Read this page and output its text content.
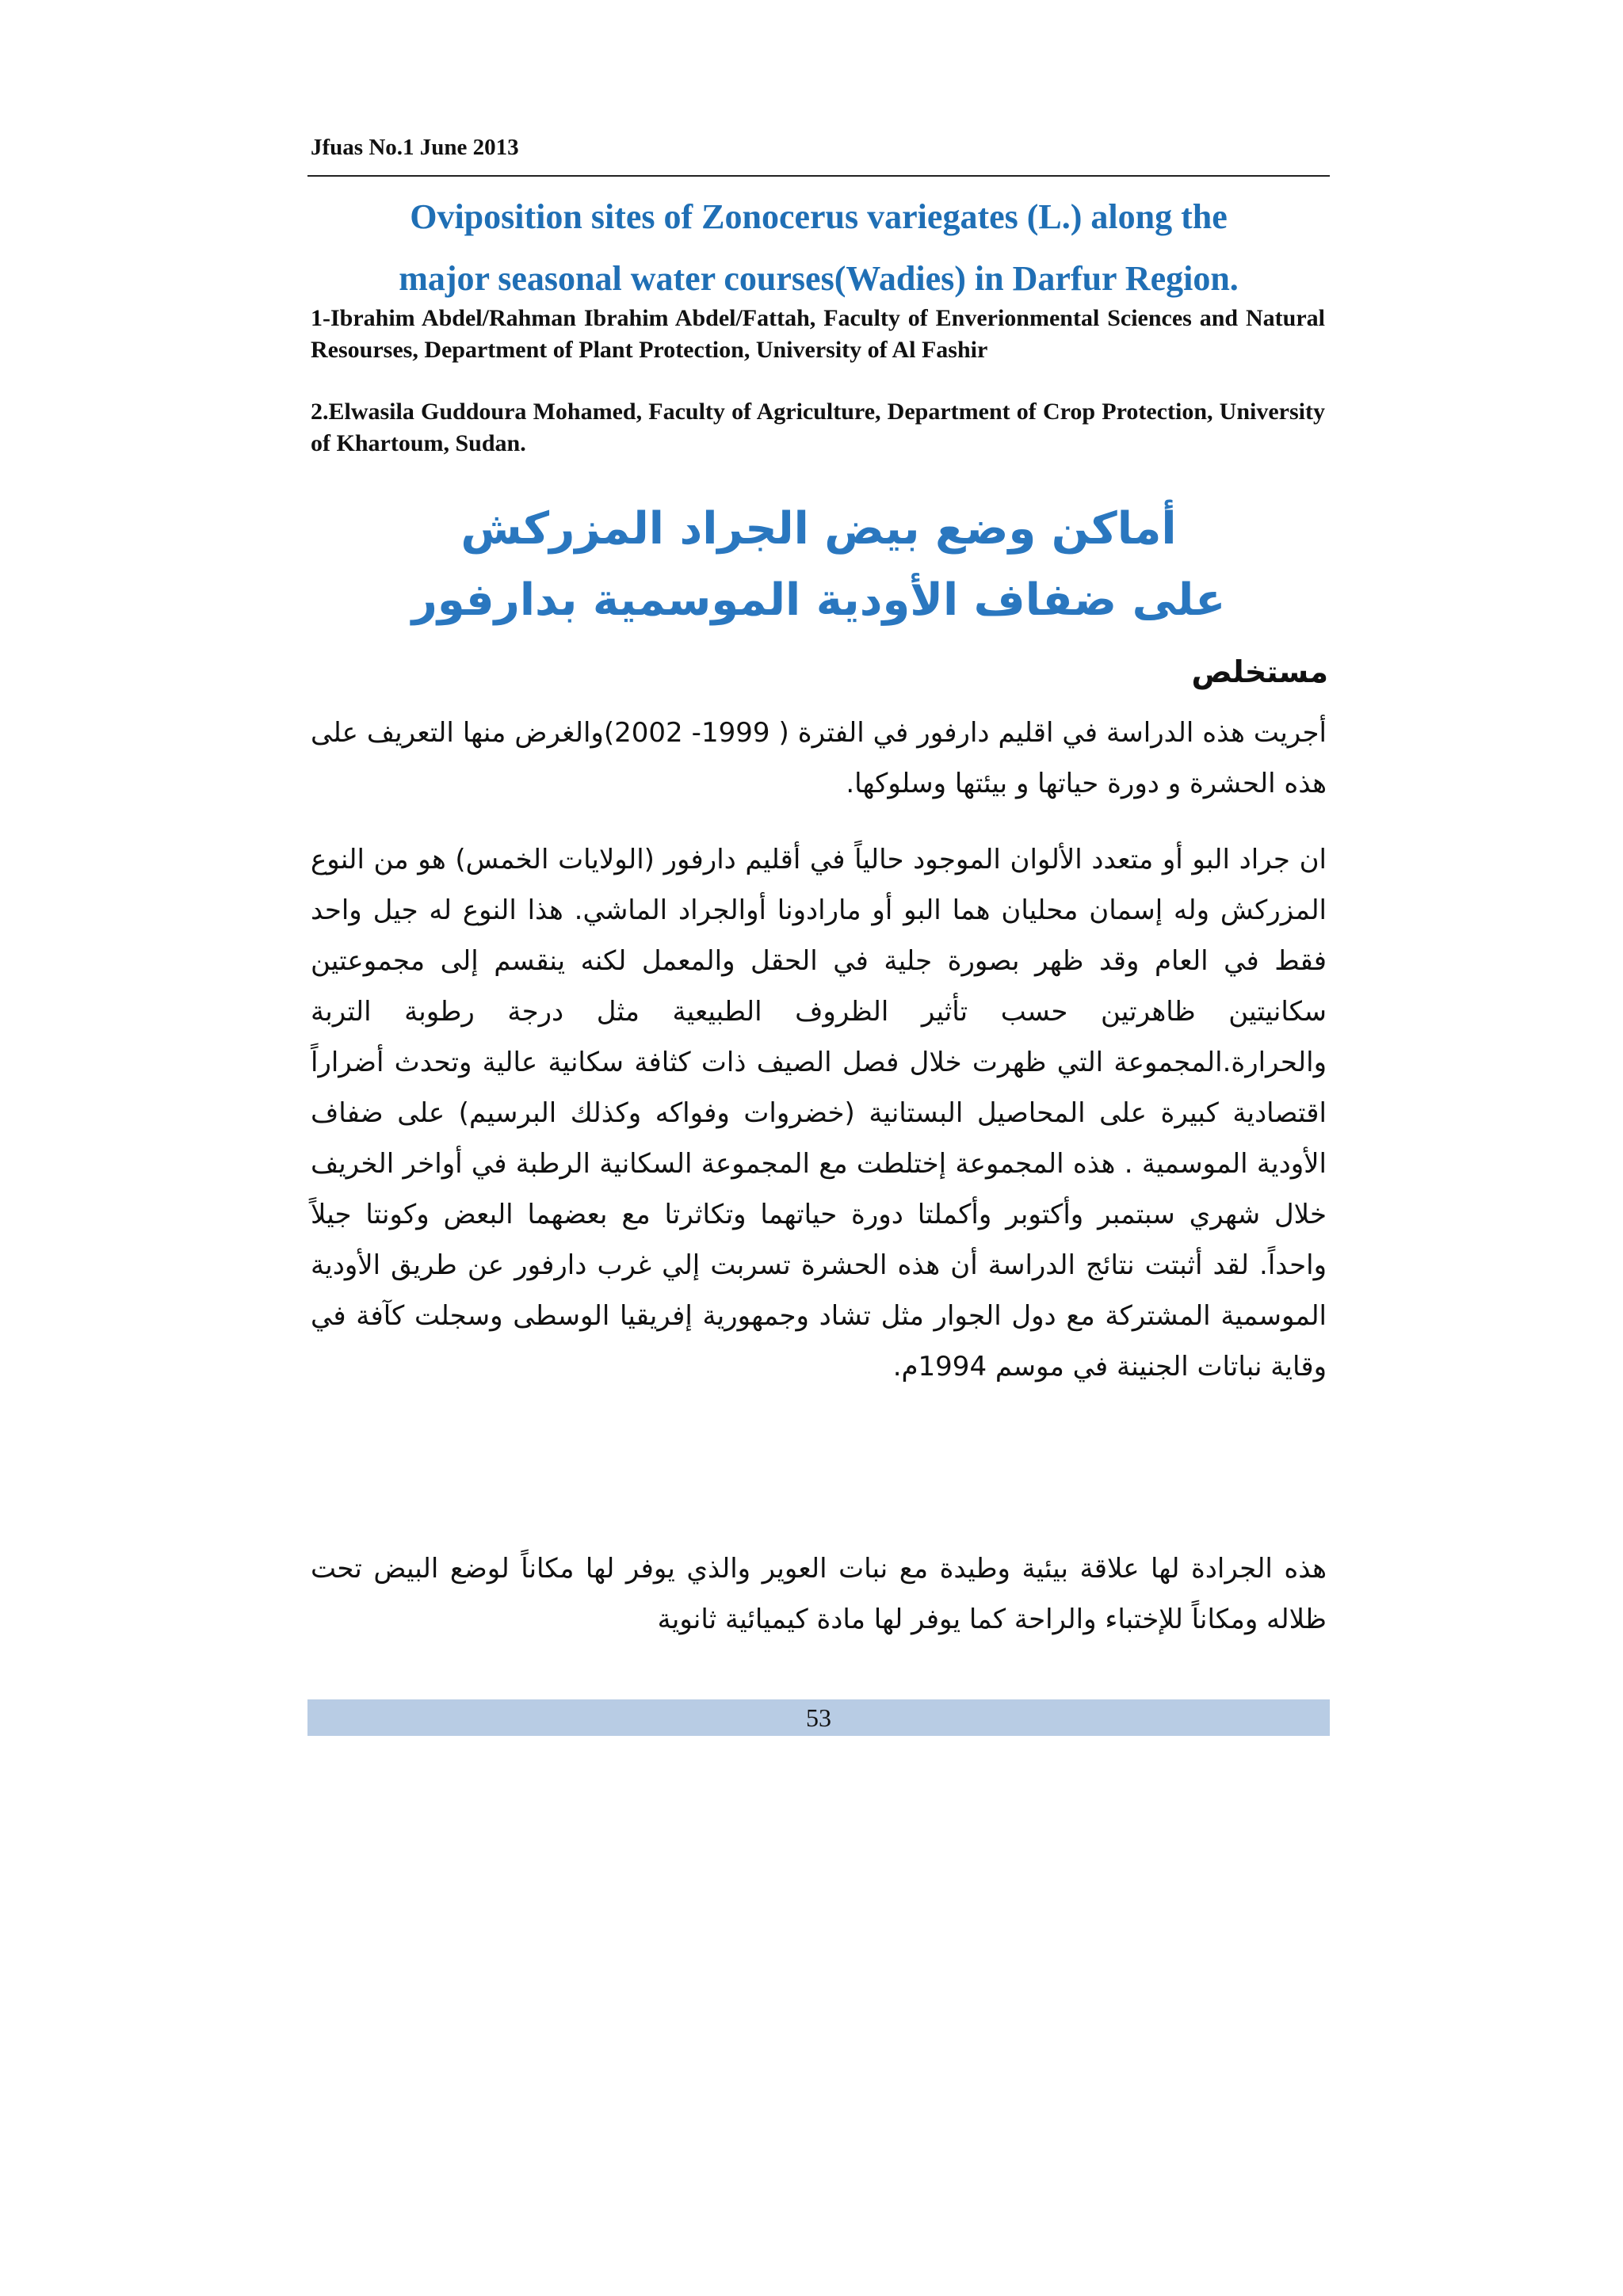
Jfuas No.1 June 2013
Oviposition sites of Zonocerus variegates (L.) along the
major seasonal water courses(Wadies) in Darfur Region.

1-Ibrahim Abdel/Rahman Ibrahim Abdel/Fattah, Faculty of Enverionmental Sciences and Natural Resourses, Department of Plant Protection, University of Al Fashir

2.Elwasila Guddoura Mohamed, Faculty of Agriculture, Department of Crop Protection, University of Khartoum, Sudan.

أماكن وضع بيض الجراد المزركش
على ضفاف الأودية الموسمية بدارفور
مستخلص

أجريت هذه الدراسة في اقليم دارفور في الفترة ( 1999- 2002)والغرض منها التعريف على هذه الحشرة و دورة حياتها و بيئتها وسلوكها.

ان جراد البو أو متعدد الألوان الموجود حالياً في أقليم دارفور (الولايات الخمس) هو من النوع المزركش وله إسمان محليان هما البو أو مارادونا أوالجراد الماشي. هذا النوع له جيل واحد فقط في العام وقد ظهر بصورة جلية في الحقل والمعمل لكنه ينقسم إلى مجموعتين سكانيتين ظاهرتين حسب تأثير الظروف الطبيعية مثل درجة رطوبة التربة والحرارة.المجموعة التي ظهرت خلال فصل الصيف ذات كثافة سكانية عالية وتحدث أضراراً اقتصادية كبيرة على المحاصيل البستانية (خضروات وفواكه وكذلك البرسيم) على ضفاف الأودية الموسمية . هذه المجموعة إختلطت مع المجموعة السكانية الرطبة في أواخر الخريف خلال شهري سبتمبر وأكتوبر وأكملتا دورة حياتهما وتكاثرتا مع بعضهما البعض وكونتا جيلاً واحداً. لقد أثبتت نتائج الدراسة أن هذه الحشرة تسربت إلي غرب دارفور عن طريق الأودية الموسمية المشتركة مع دول الجوار مثل تشاد وجمهورية إفريقيا الوسطى وسجلت كآفة في وقاية نباتات الجنينة في موسم 1994م.

هذه الجرادة لها علاقة بيئية وطيدة مع نبات العوير والذي يوفر لها مكاناً لوضع البيض تحت ظلاله ومكاناً للإختباء والراحة كما يوفر لها مادة كيميائية ثانوية

53
